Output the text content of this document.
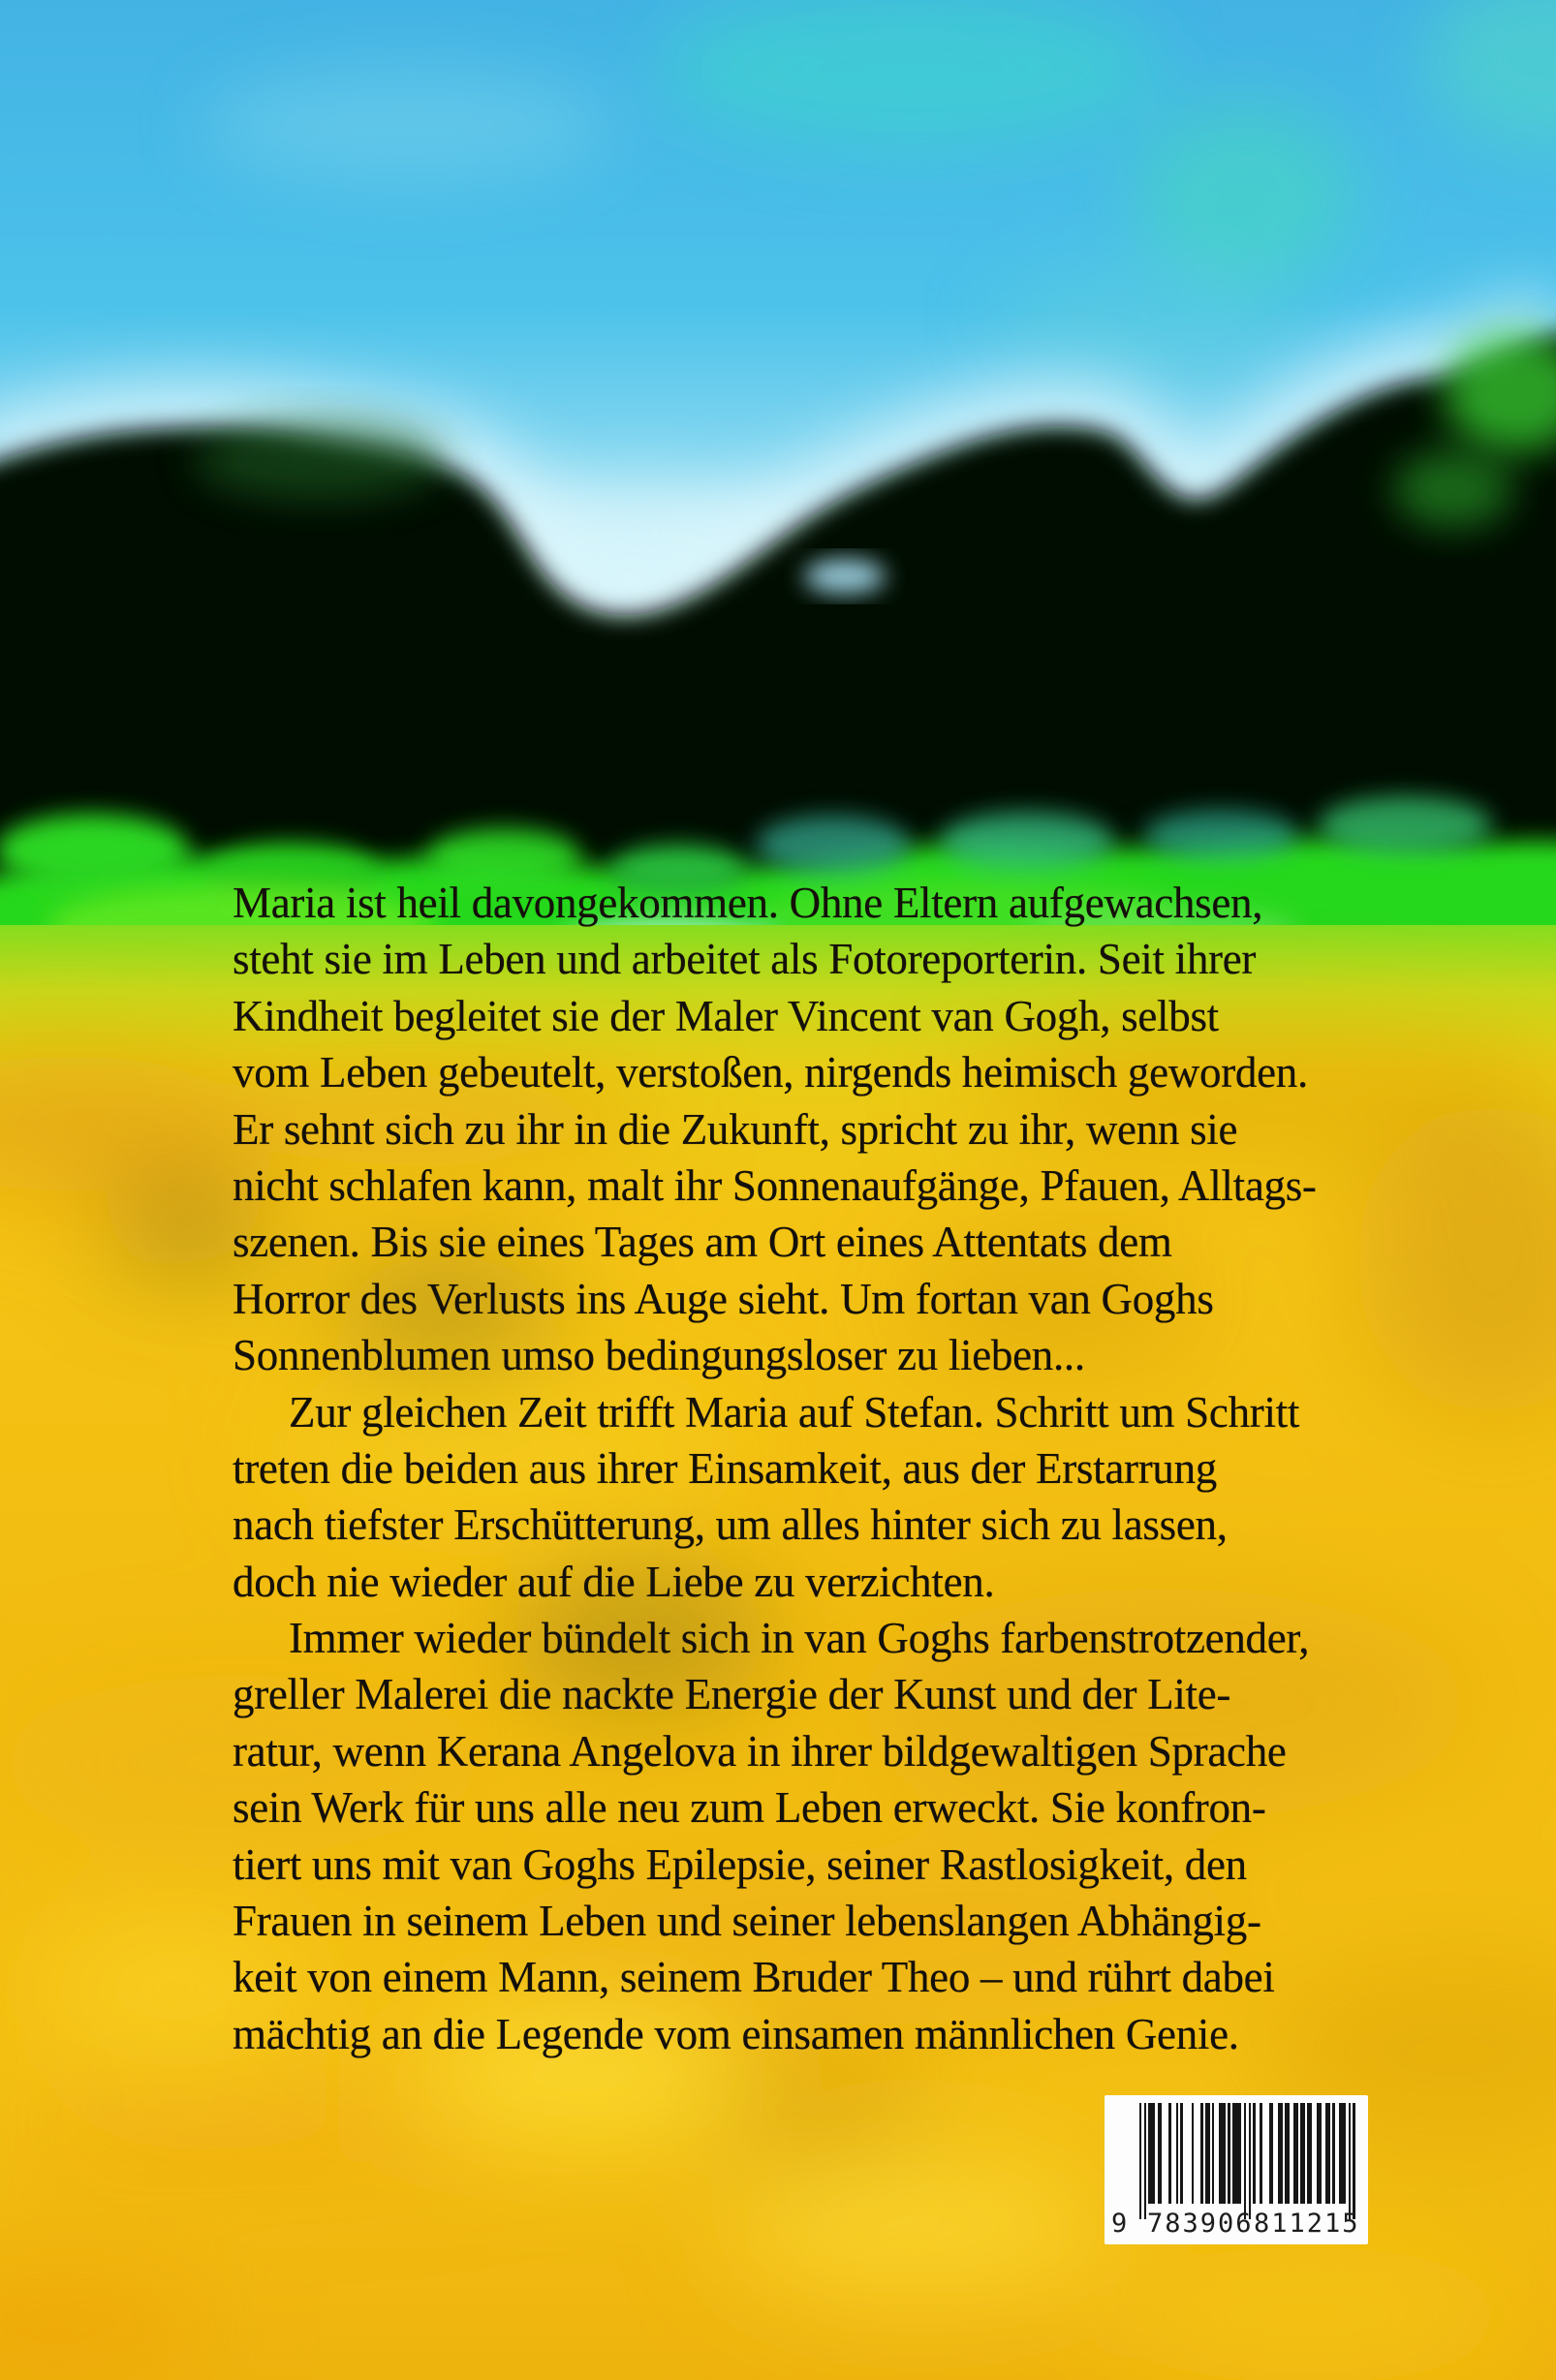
Maria ist heil davongekommen. Ohne Eltern aufgewachsen,
steht sie im Leben und arbeitet als Fotoreporterin. Seit ihrer
Kindheit begleitet sie der Maler Vincent van Gogh, selbst
vom Leben gebeutelt, verstoßen, nirgends heimisch geworden.
Er sehnt sich zu ihr in die Zukunft, spricht zu ihr, wenn sie
nicht schlafen kann, malt ihr Sonnenaufgänge, Pfauen, Alltags-
szenen. Bis sie eines Tages am Ort eines Attentats dem
Horror des Verlusts ins Auge sieht. Um fortan van Goghs
Sonnenblumen umso bedingungsloser zu lieben...
Zur gleichen Zeit trifft Maria auf Stefan. Schritt um Schritt
treten die beiden aus ihrer Einsamkeit, aus der Erstarrung
nach tiefster Erschütterung, um alles hinter sich zu lassen,
doch nie wieder auf die Liebe zu verzichten.
Immer wieder bündelt sich in van Goghs farbenstrotzender,
greller Malerei die nackte Energie der Kunst und der Lite-
ratur, wenn Kerana Angelova in ihrer bildgewaltigen Sprache
sein Werk für uns alle neu zum Leben erweckt. Sie konfron-
tiert uns mit van Goghs Epilepsie, seiner Rastlosigkeit, den
Frauen in seinem Leben und seiner lebenslangen Abhängig-
keit von einem Mann, seinem Bruder Theo – und rührt dabei
mächtig an die Legende vom einsamen männlichen Genie.
9 783906 811215
